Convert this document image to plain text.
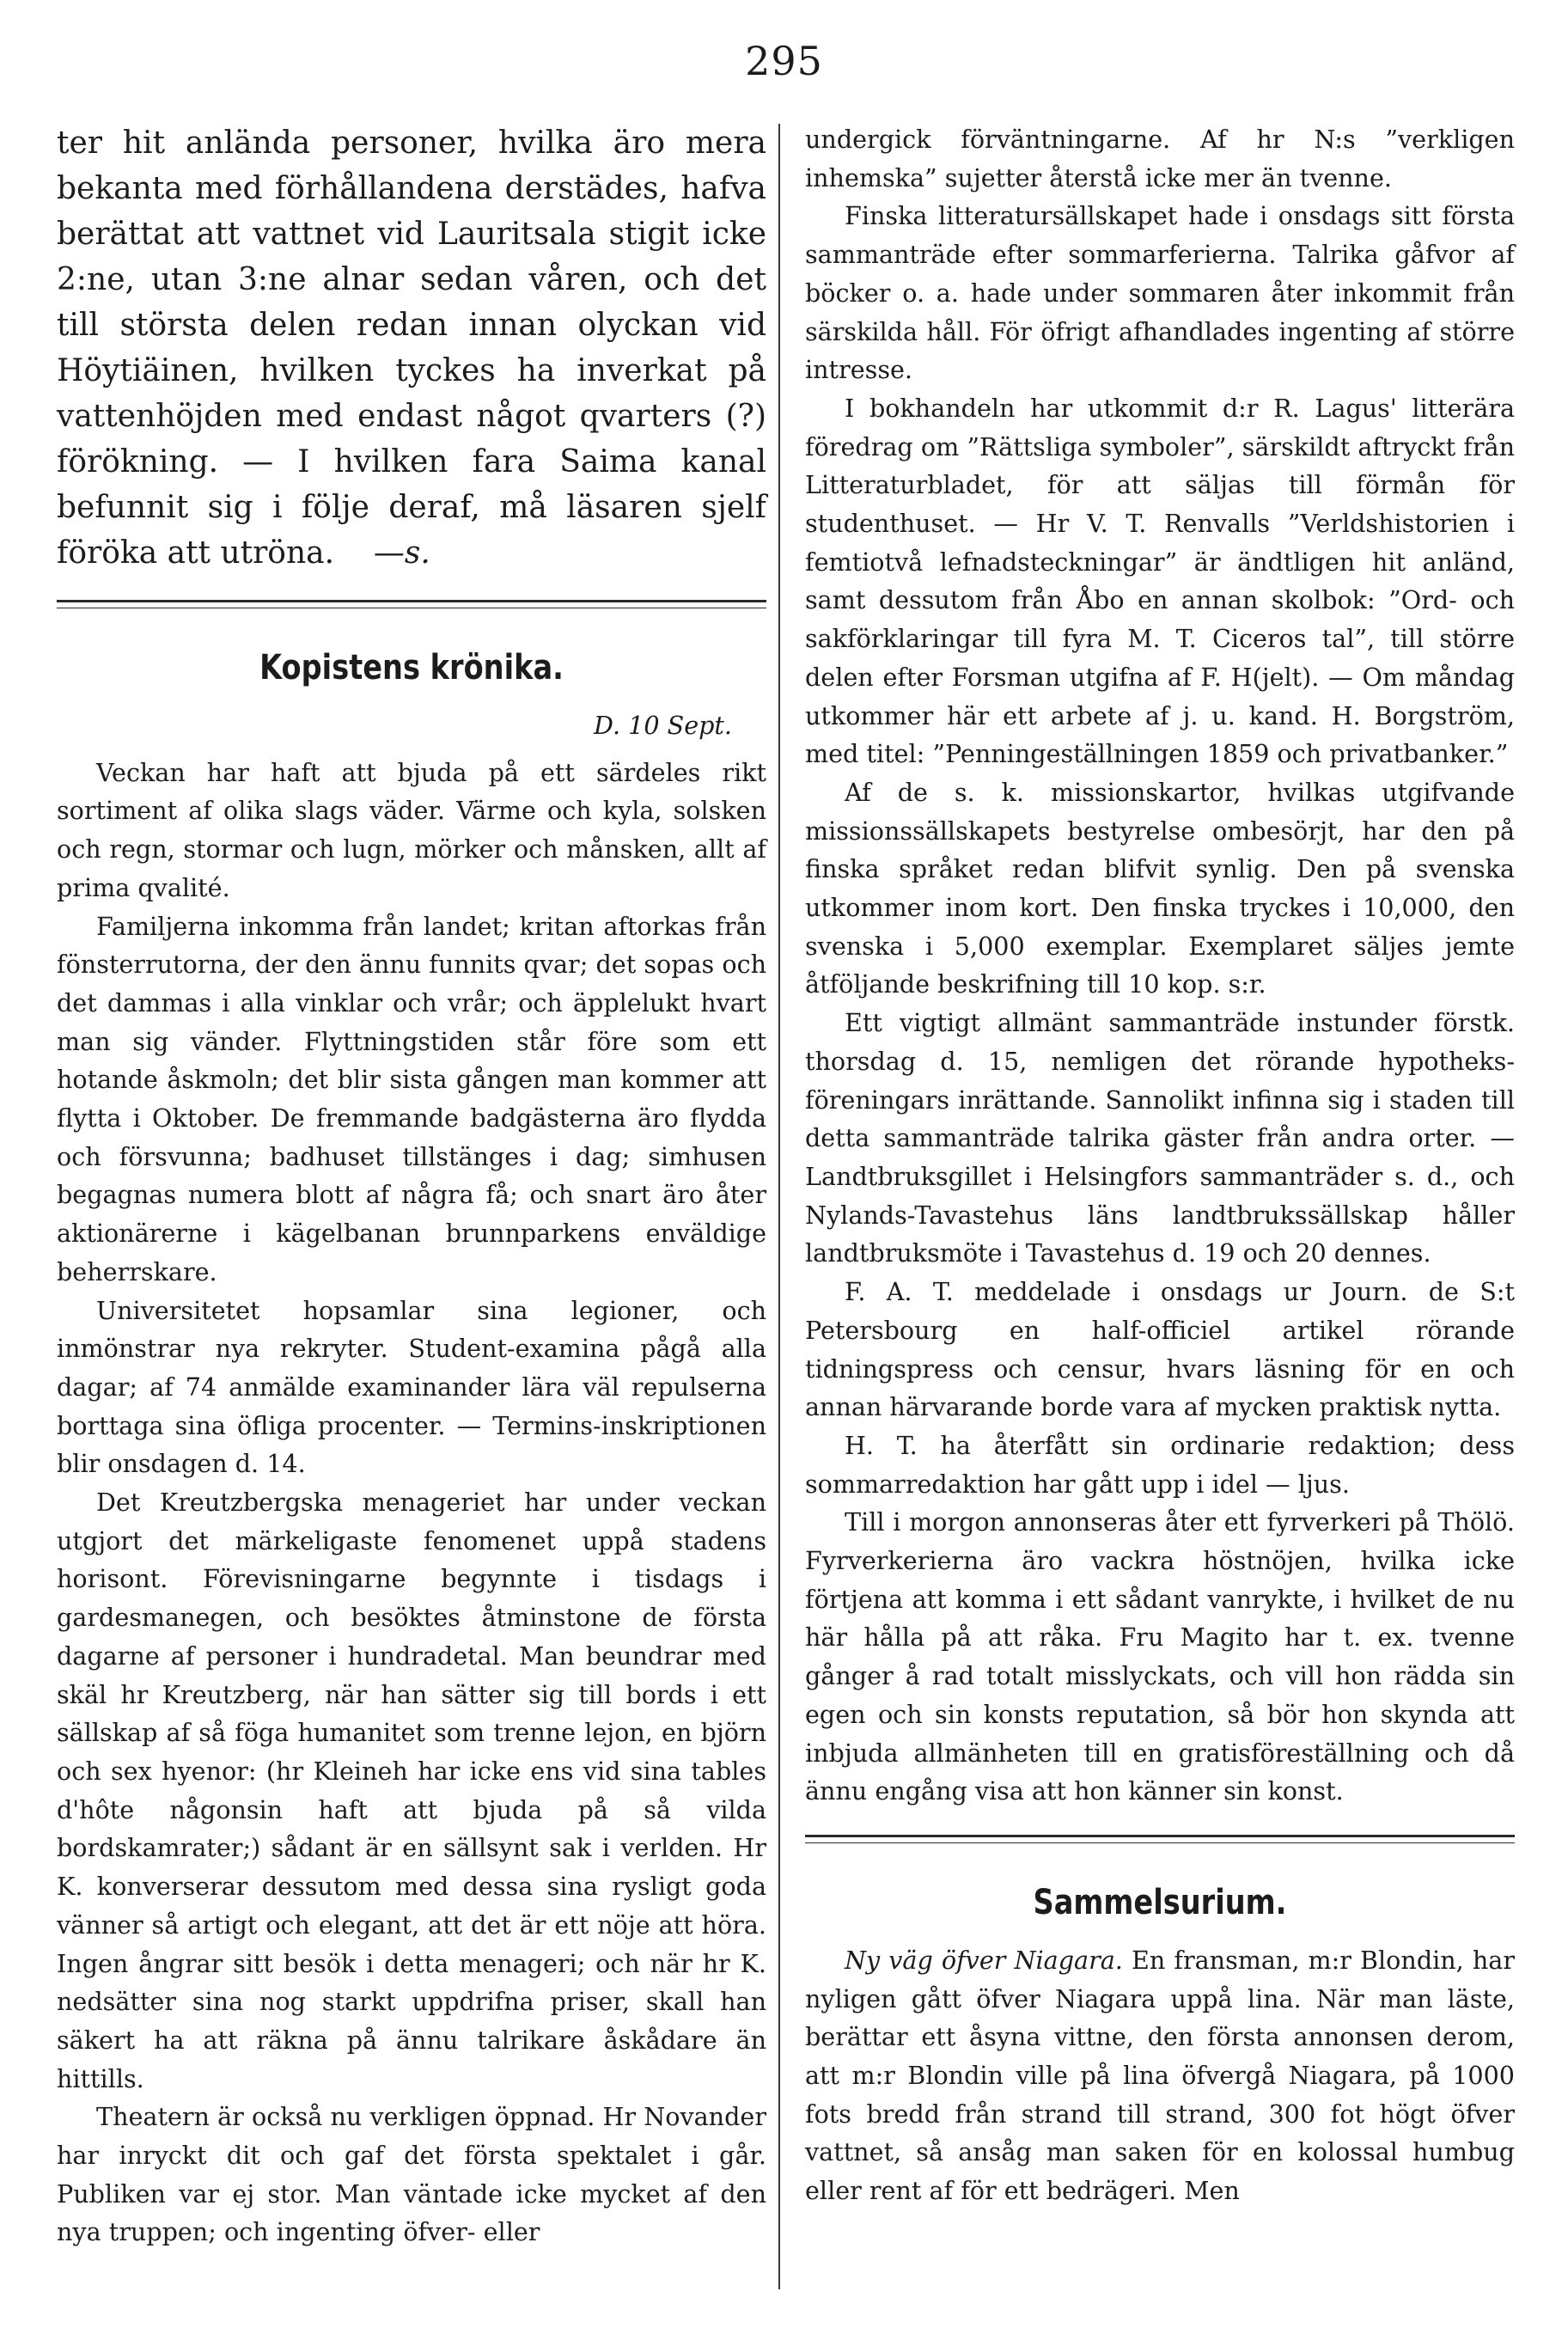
295

ter hit anlända personer, hvilka äro mera bekanta med förhållandena derstädes, hafva berättat att vattnet vid Lauritsala stigit icke 2:ne, utan 3:ne alnar sedan våren, och det till största delen redan innan olyckan vid Höytiäinen, hvilken tyckes ha inverkat på vattenhöjden med endast något qvarters (?) förökning. — I hvilken fara Saima kanal befunnit sig i följe deraf, må läsaren sjelf föröka att utröna. —s.

Kopistens krönika.
D. 10 Sept.

Veckan har haft att bjuda på ett särdeles rikt sortiment af olika slags väder. Värme och kyla, solsken och regn, stormar och lugn, mörker och månsken, allt af prima qvalité.

Familjerna inkomma från landet; kritan aftorkas från fönsterrutorna, der den ännu funnits qvar; det sopas och det dammas i alla vinklar och vrår; och äpplelukt hvart man sig vänder. Flyttningstiden står före som ett hotande åskmoln; det blir sista gången man kommer att flytta i Oktober. De fremmande badgästerna äro flydda och försvunna; badhuset tillstänges i dag; simhusen begagnas numera blott af några få; och snart äro åter aktionärerne i kägelbanan brunnparkens enväldige beherrskare.

Universitetet hopsamlar sina legioner, och inmönstrar nya rekryter. Student-examina pågå alla dagar; af 74 anmälde examinander lära väl repulserna borttaga sina öfliga procenter. — Termins-inskriptionen blir onsdagen d. 14.

Det Kreutzbergska menageriet har under veckan utgjort det märkeligaste fenomenet uppå stadens horisont. Förevisningarne begynnte i tisdags i gardesmanegen, och besöktes åtminstone de första dagarne af personer i hundradetal. Man beundrar med skäl hr Kreutzberg, när han sätter sig till bords i ett sällskap af så föga humanitet som trenne lejon, en björn och sex hyenor: (hr Kleineh har icke ens vid sina tables d'hôte någonsin haft att bjuda på så vilda bordskamrater;) sådant är en sällsynt sak i verlden. Hr K. konverserar dessutom med dessa sina rysligt goda vänner så artigt och elegant, att det är ett nöje att höra. Ingen ångrar sitt besök i detta menageri; och när hr K. nedsätter sina nog starkt uppdrifna priser, skall han säkert ha att räkna på ännu talrikare åskådare än hittills.

Theatern är också nu verkligen öppnad. Hr Novander har inryckt dit och gaf det första spektalet i går. Publiken var ej stor. Man väntade icke mycket af den nya truppen; och ingenting öfver- eller

undergick förväntningarne. Af hr N:s ”verkligen inhemska” sujetter återstå icke mer än tvenne.

Finska litteratursällskapet hade i onsdags sitt första sammanträde efter sommarferierna. Talrika gåfvor af böcker o. a. hade under sommaren åter inkommit från särskilda håll. För öfrigt afhandlades ingenting af större intresse.

I bokhandeln har utkommit d:r R. Lagus' litterära föredrag om ”Rättsliga symboler”, särskildt aftryckt från Litteraturbladet, för att säljas till förmån för studenthuset. — Hr V. T. Renvalls ”Verldshistorien i femtiotvå lefnadsteckningar” är ändtligen hit anländ, samt dessutom från Åbo en annan skolbok: ”Ord- och sakförklaringar till fyra M. T. Ciceros tal”, till större delen efter Forsman utgifna af F. H(jelt). — Om måndag utkommer här ett arbete af j. u. kand. H. Borgström, med titel: ”Penningeställningen 1859 och privatbanker.”

Af de s. k. missionskartor, hvilkas utgifvande missionssällskapets bestyrelse ombesörjt, har den på finska språket redan blifvit synlig. Den på svenska utkommer inom kort. Den finska tryckes i 10,000, den svenska i 5,000 exemplar. Exemplaret säljes jemte åtföljande beskrifning till 10 kop. s:r.

Ett vigtigt allmänt sammanträde instunder förstk. thorsdag d. 15, nemligen det rörande hypotheks-föreningars inrättande. Sannolikt infinna sig i staden till detta sammanträde talrika gäster från andra orter. — Landtbruksgillet i Helsingfors sammanträder s. d., och Nylands-Tavastehus läns landtbrukssällskap håller landtbruksmöte i Tavastehus d. 19 och 20 dennes.

F. A. T. meddelade i onsdags ur Journ. de S:t Petersbourg en half-officiel artikel rörande tidningspress och censur, hvars läsning för en och annan härvarande borde vara af mycken praktisk nytta.

H. T. ha återfått sin ordinarie redaktion; dess sommarredaktion har gått upp i idel — ljus.

Till i morgon annonseras åter ett fyrverkeri på Thölö. Fyrverkerierna äro vackra höstnöjen, hvilka icke förtjena att komma i ett sådant vanrykte, i hvilket de nu här hålla på att råka. Fru Magito har t. ex. tvenne gånger å rad totalt misslyckats, och vill hon rädda sin egen och sin konsts reputation, så bör hon skynda att inbjuda allmänheten till en gratisföreställning och då ännu engång visa att hon känner sin konst.

Sammelsurium.

Ny väg öfver Niagara. En fransman, m:r Blondin, har nyligen gått öfver Niagara uppå lina. När man läste, berättar ett åsyna vittne, den första annonsen derom, att m:r Blondin ville på lina öfvergå Niagara, på 1000 fots bredd från strand till strand, 300 fot högt öfver vattnet, så ansåg man saken för en kolossal humbug eller rent af för ett bedrägeri. Men
